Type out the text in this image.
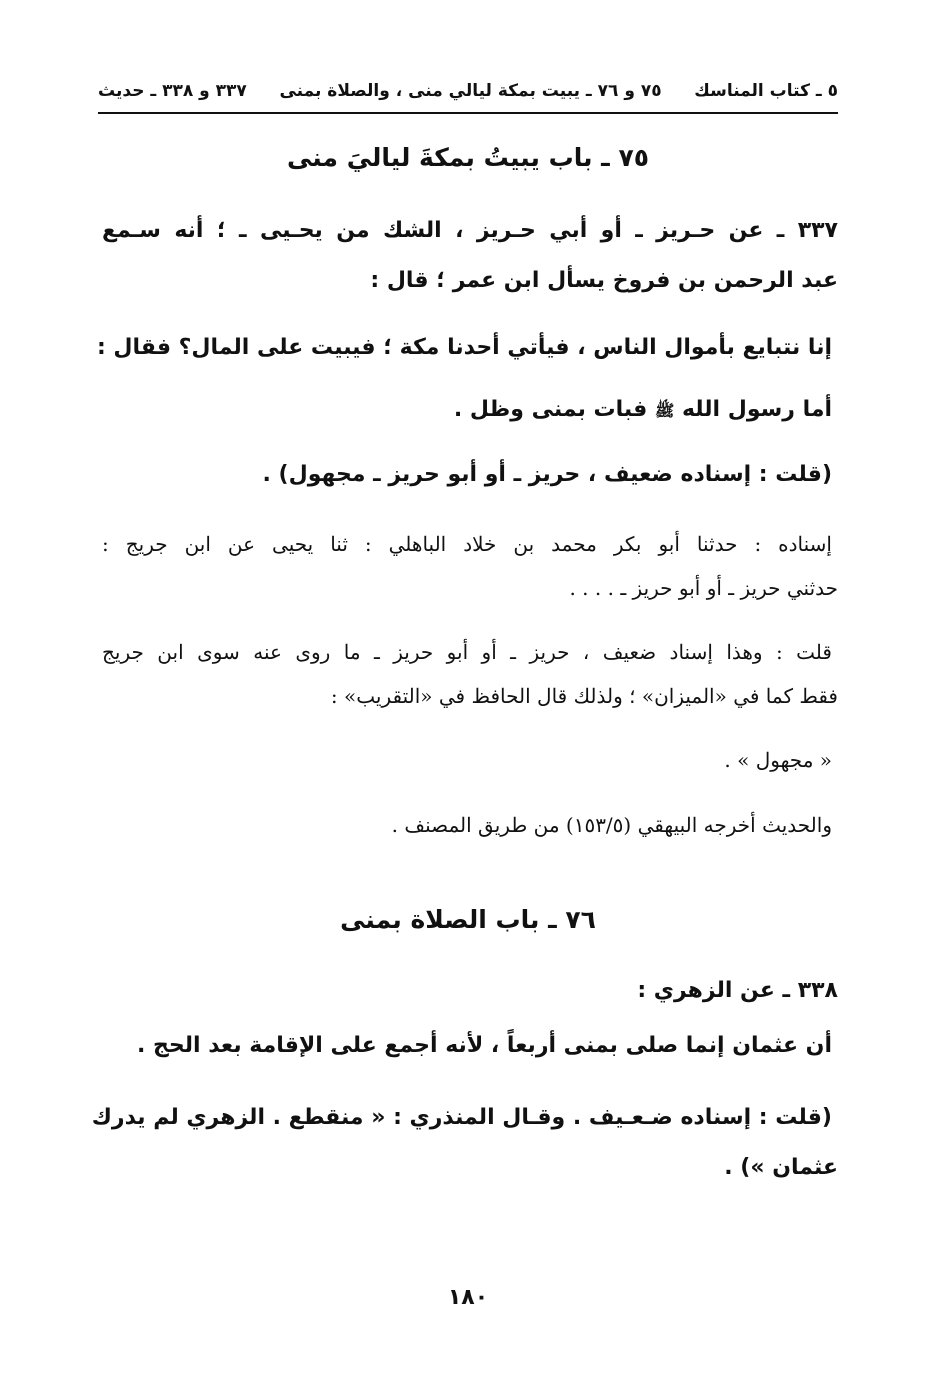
٥ ـ كتاب المناسك
٧٥ و ٧٦ ـ يبيت بمكة ليالي منى ، والصلاة بمنى
٣٣٧ و ٣٣٨ ـ حديث
٧٥ ـ باب يبيتُ بمكةَ لياليَ منى
٣٣٧ ـ عن حـريز ـ أو أبي حـريز ، الشك من يحـيى ـ ؛ أنه سـمع
عبد الرحمن بن فروخ يسأل ابن عمر ؛ قال :
إنا نتبايع بأموال الناس ، فيأتي أحدنا مكة ؛ فيبيت على المال؟ فقال :
أما رسول الله ﷺ فبات بمنى وظل .
(قلت : إسناده ضعيف ، حريز ـ أو أبو حريز ـ مجهول) .
إسناده : حدثنا أبو بكر محمد بن خلاد الباهلي : ثنا يحيى عن ابن جريج :
حدثني حريز ـ أو أبو حريز ـ . . . .
قلت : وهذا إسناد ضعيف ، حريز ـ أو أبو حريز ـ ما روى عنه سوى ابن جريج
فقط كما في «الميزان» ؛ ولذلك قال الحافظ في «التقريب» :
« مجهول » .
والحديث أخرجه البيهقي (١٥٣/٥) من طريق المصنف .
٧٦ ـ باب الصلاة بمنى
٣٣٨ ـ عن الزهري :
أن عثمان إنما صلى بمنى أربعاً ، لأنه أجمع على الإقامة بعد الحج .
(قلت : إسناده ضـعـيف . وقـال المنذري : « منقطع . الزهري لم يدرك
عثمان ») .
١٨٠
